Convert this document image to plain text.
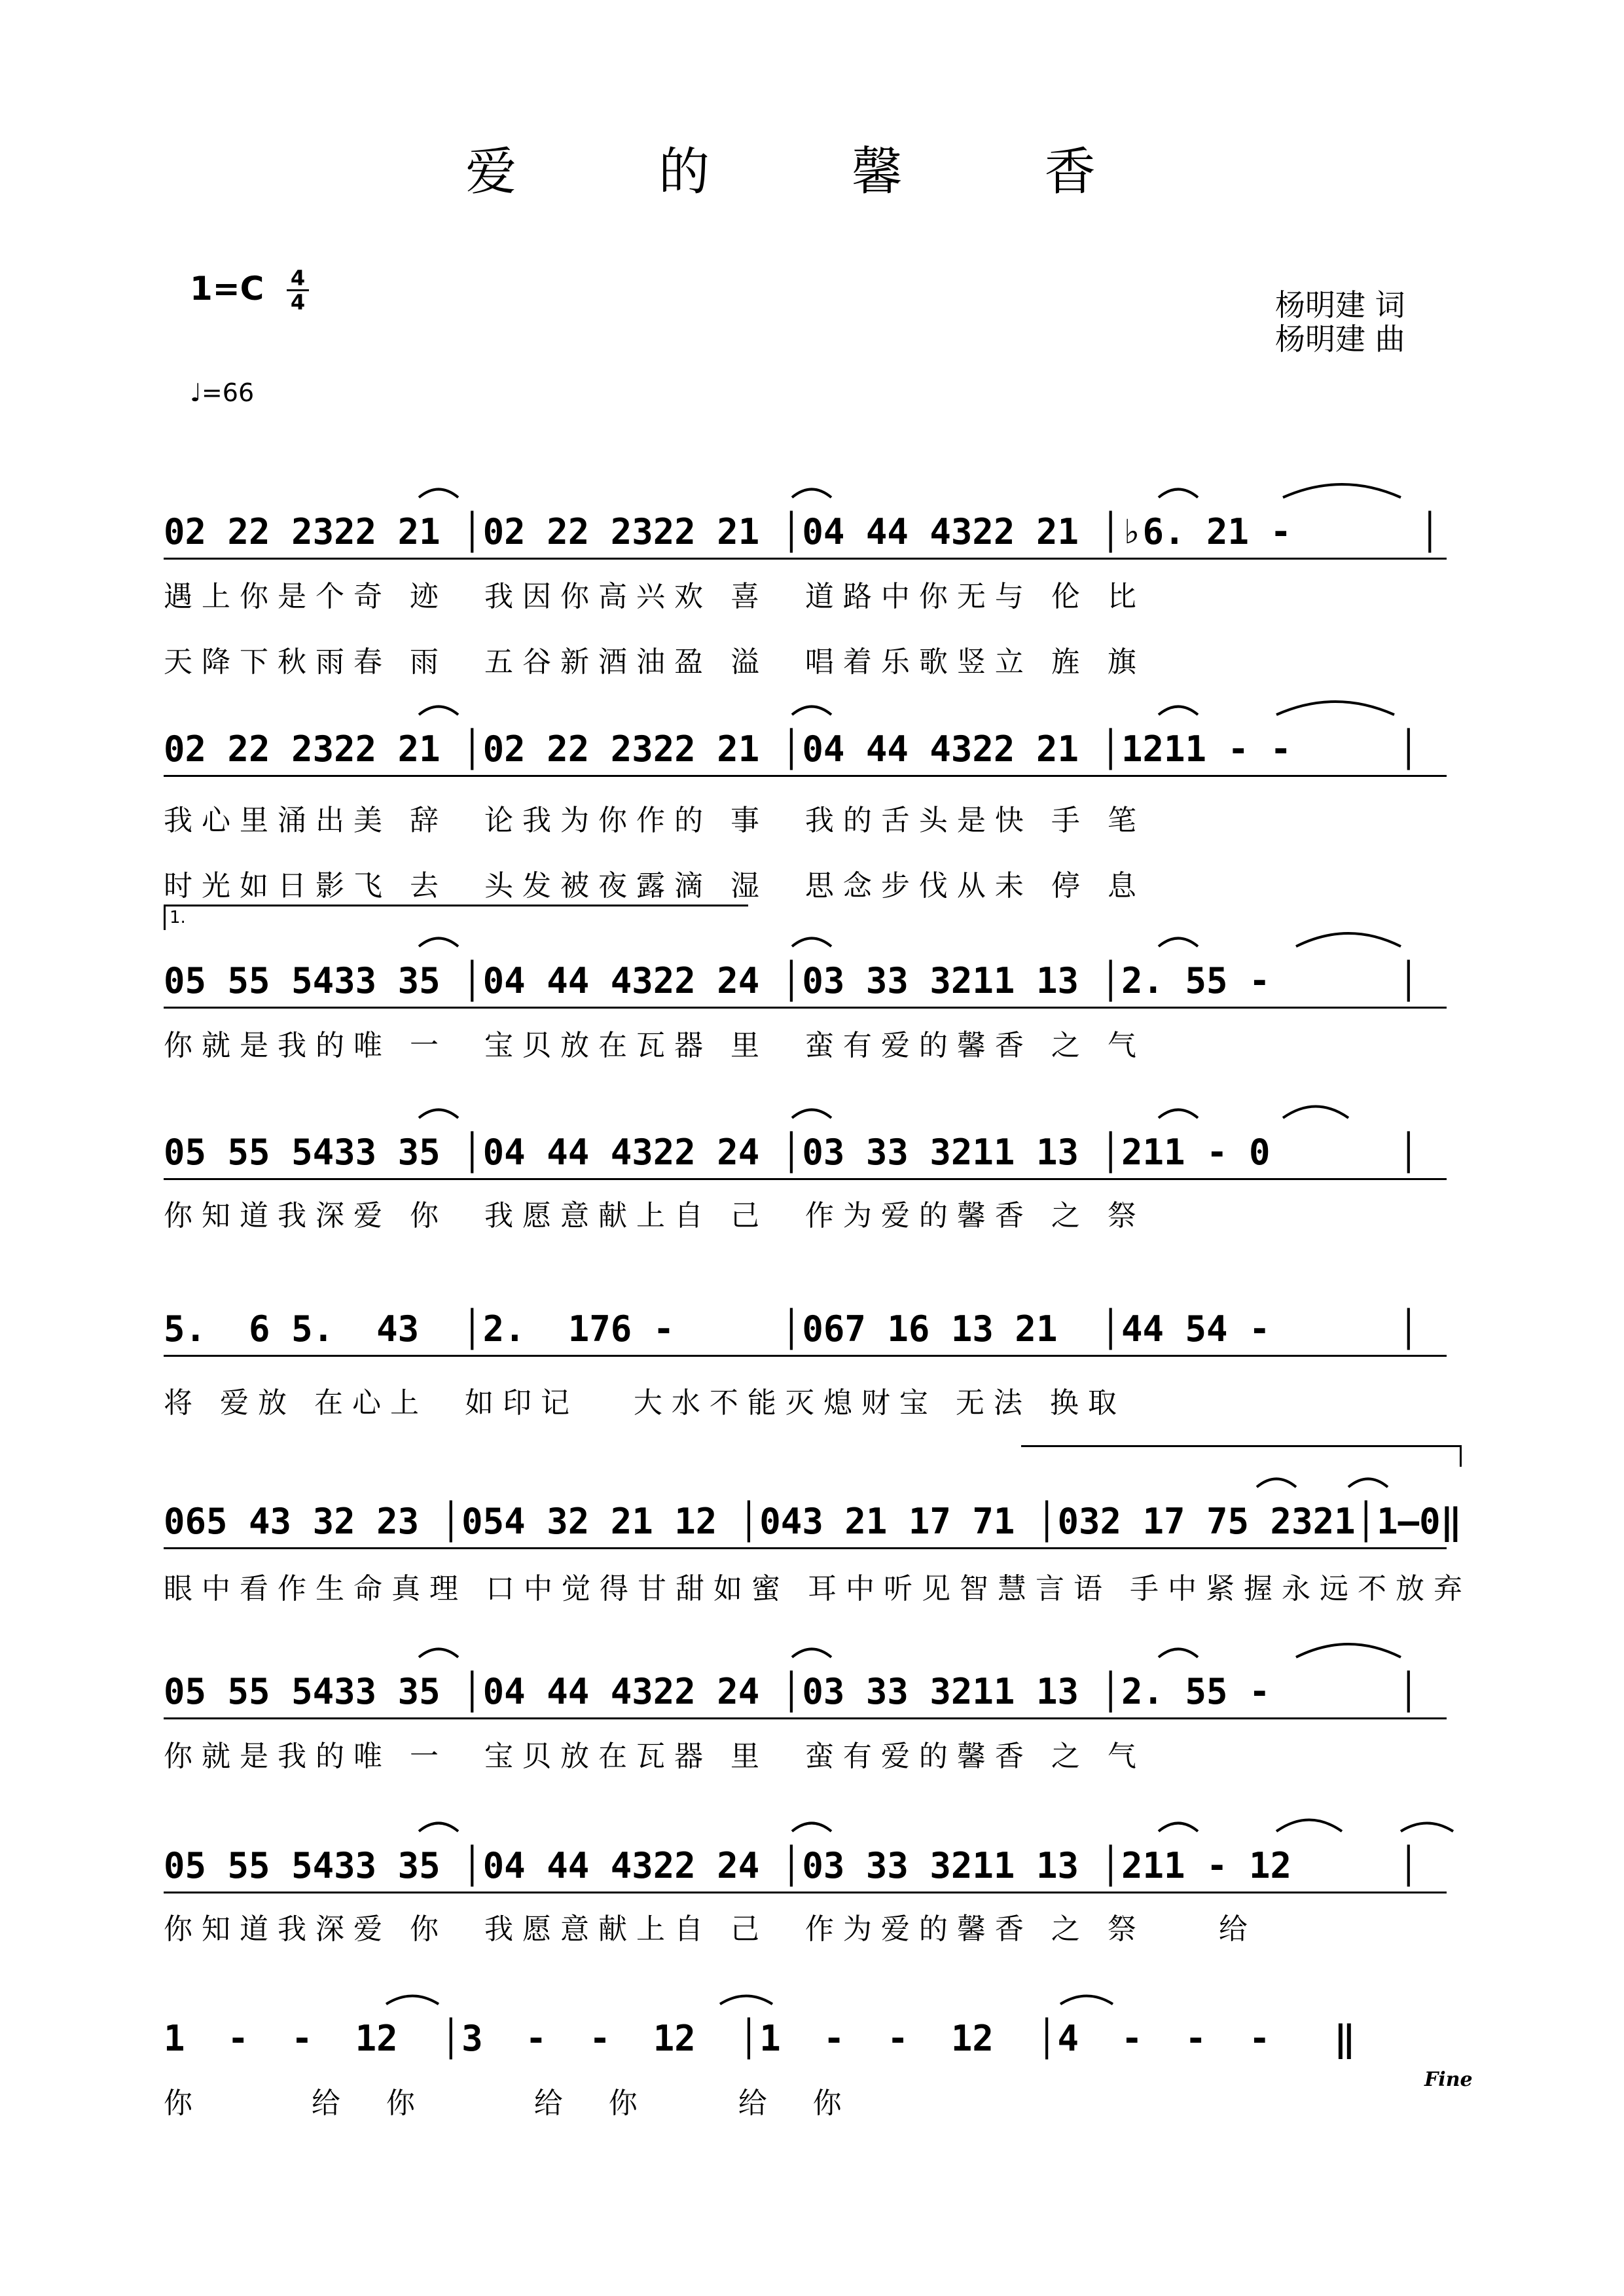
爱 的 馨 香
1=C 4
4
♩=66
杨明建 词
杨明建 曲
02 22 2322 21 │02 22 2322 21 │04 44 4322 21 │♭6. 21 -      │
遇上你是个奇 迹  我因你高兴欢 喜  道路中你无与 伦 比
天降下秋雨春 雨  五谷新酒油盈 溢  唱着乐歌竖立 旌 旗
02 22 2322 21 │02 22 2322 21 │04 44 4322 21 │1211 - -     │
我心里涌出美 辞  论我为你作的 事  我的舌头是快 手 笔
时光如日影飞 去  头发被夜露滴 湿  思念步伐从未 停 息
1.
05 55 5433 35 │04 44 4322 24 │03 33 3211 13 │2. 55 -      │
你就是我的唯 一  宝贝放在瓦器 里  蛮有爱的馨香 之 气
05 55 5433 35 │04 44 4322 24 │03 33 3211 13 │211 - 0      │
你知道我深爱 你  我愿意献上自 己  作为爱的馨香 之 祭
5.  6 5.  43  │2.  176 -     │067 16 13 21  │44 54 -      │
将 爱放 在心上  如印记   大水不能灭熄财宝 无法 换取
065 43 32 23 │054 32 21 12 │043 21 17 71 │032 17 75 2321│1—0‖
眼中看作生命真理 口中觉得甘甜如蜜 耳中听见智慧言语 手中紧握永远不放弃
05 55 5433 35 │04 44 4322 24 │03 33 3211 13 │2. 55 -      │
你就是我的唯 一  宝贝放在瓦器 里  蛮有爱的馨香 之 气
05 55 5433 35 │04 44 4322 24 │03 33 3211 13 │211 - 12     │
你知道我深爱 你  我愿意献上自 己  作为爱的馨香 之 祭    给
1  -  -  12  │3  -  -  12  │1  -  -  12  │4  -  -  -   ‖
你      给  你      给  你     给  你
Fine
